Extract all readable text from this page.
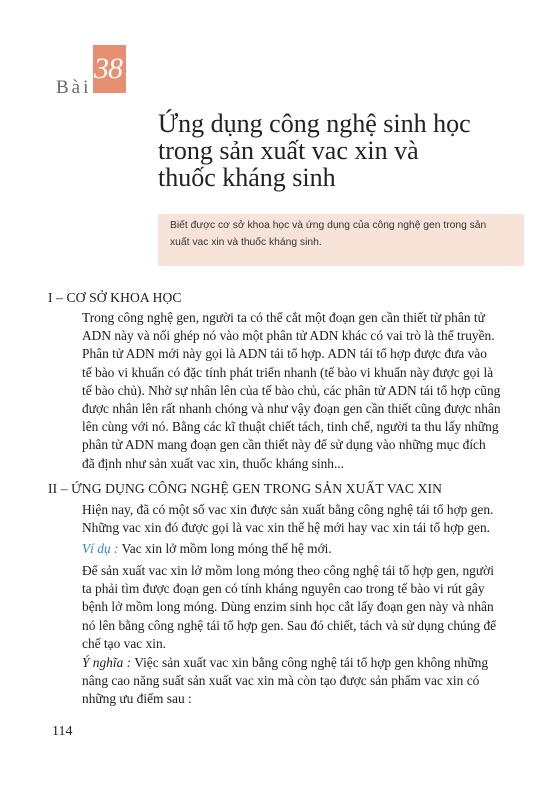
Bài
38
Ứng dụng công nghệ sinh học
trong sản xuất vac xin và
thuốc kháng sinh
Biết được cơ sở khoa học và ứng dụng của công nghệ gen trong sản
xuất vac xin và thuốc kháng sinh.
I – CƠ SỞ KHOA HỌC
Trong công nghệ gen, người ta có thể cắt một đoạn gen cần thiết từ phân tử
ADN này và nối ghép nó vào một phân tử ADN khác có vai trò là thể truyền.
Phân tử ADN mới này gọi là ADN tái tổ hợp. ADN tái tổ hợp được đưa vào
tế bào vi khuẩn có đặc tính phát triển nhanh (tế bào vi khuẩn này được gọi là
tế bào chủ). Nhờ sự nhân lên của tế bào chủ, các phân tử ADN tái tổ hợp cũng
được nhân lên rất nhanh chóng và như vậy đoạn gen cần thiết cũng được nhân
lên cùng với nó. Bằng các kĩ thuật chiết tách, tinh chế, người ta thu lấy những
phân tử ADN mang đoạn gen cần thiết này để sử dụng vào những mục đích
đã định như sản xuất vac xin, thuốc kháng sinh...
II – ỨNG DỤNG CÔNG NGHỆ GEN TRONG SẢN XUẤT VAC XIN
Hiện nay, đã có một số vac xin được sản xuất bằng công nghệ tái tổ hợp gen.
Những vac xin đó được gọi là vac xin thế hệ mới hay vac xin tái tổ hợp gen.
Ví dụ : Vac xin lở mồm long móng thế hệ mới.
Để sản xuất vac xin lở mồm long móng theo công nghệ tái tổ hợp gen, người
ta phải tìm được đoạn gen có tính kháng nguyên cao trong tế bào vi rút gây
bệnh lở mồm long móng. Dùng enzim sinh học cắt lấy đoạn gen này và nhân
nó lên bằng công nghệ tái tổ hợp gen. Sau đó chiết, tách và sử dụng chúng để
chế tạo vac xin.
Ý nghĩa : Việc sản xuất vac xin bằng công nghệ tái tổ hợp gen không những
nâng cao năng suất sản xuất vac xin mà còn tạo được sản phẩm vac xin có
những ưu điểm sau :
114
